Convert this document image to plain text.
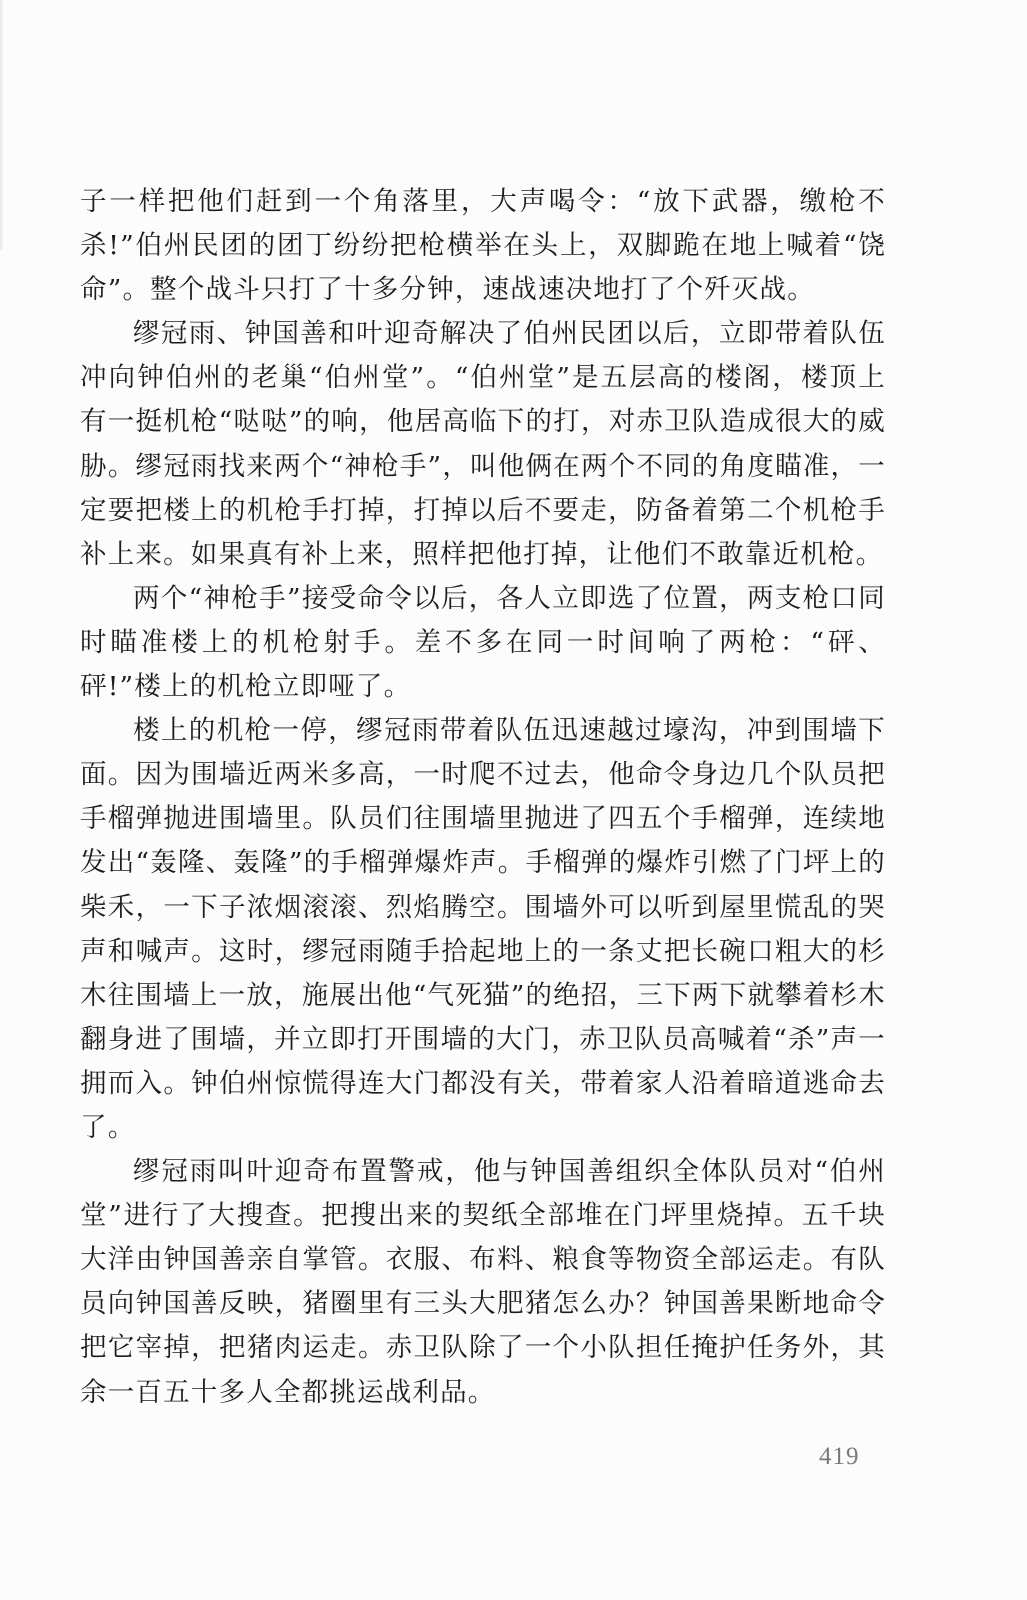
子一样把他们赶到一个角落里，大声喝令：“放下武器，缴枪不杀!”伯州民团的团丁纷纷把枪横举在头上，双脚跪在地上喊着“饶命”。整个战斗只打了十多分钟，速战速决地打了个歼灭战。

缪冠雨、钟国善和叶迎奇解决了伯州民团以后，立即带着队伍冲向钟伯州的老巢“伯州堂”。“伯州堂”是五层高的楼阁，楼顶上有一挺机枪“哒哒”的响，他居高临下的打，对赤卫队造成很大的威胁。缪冠雨找来两个“神枪手”，叫他俩在两个不同的角度瞄准，一定要把楼上的机枪手打掉，打掉以后不要走，防备着第二个机枪手补上来。如果真有补上来，照样把他打掉，让他们不敢靠近机枪。

两个“神枪手”接受命令以后，各人立即选了位置，两支枪口同时瞄准楼上的机枪射手。差不多在同一时间响了两枪：“砰、砰!”楼上的机枪立即哑了。

楼上的机枪一停，缪冠雨带着队伍迅速越过壕沟，冲到围墙下面。因为围墙近两米多高，一时爬不过去，他命令身边几个队员把手榴弹抛进围墙里。队员们往围墙里抛进了四五个手榴弹，连续地发出“轰隆、轰隆”的手榴弹爆炸声。手榴弹的爆炸引燃了门坪上的柴禾，一下子浓烟滚滚、烈焰腾空。围墙外可以听到屋里慌乱的哭声和喊声。这时，缪冠雨随手拾起地上的一条丈把长碗口粗大的杉木往围墙上一放，施展出他“气死猫”的绝招，三下两下就攀着杉木翻身进了围墙，并立即打开围墙的大门，赤卫队员高喊着“杀”声一拥而入。钟伯州惊慌得连大门都没有关，带着家人沿着暗道逃命去了。

缪冠雨叫叶迎奇布置警戒，他与钟国善组织全体队员对“伯州堂”进行了大搜查。把搜出来的契纸全部堆在门坪里烧掉。五千块大洋由钟国善亲自掌管。衣服、布料、粮食等物资全部运走。有队员向钟国善反映，猪圈里有三头大肥猪怎么办？钟国善果断地命令把它宰掉，把猪肉运走。赤卫队除了一个小队担任掩护任务外，其余一百五十多人全都挑运战利品。

419
